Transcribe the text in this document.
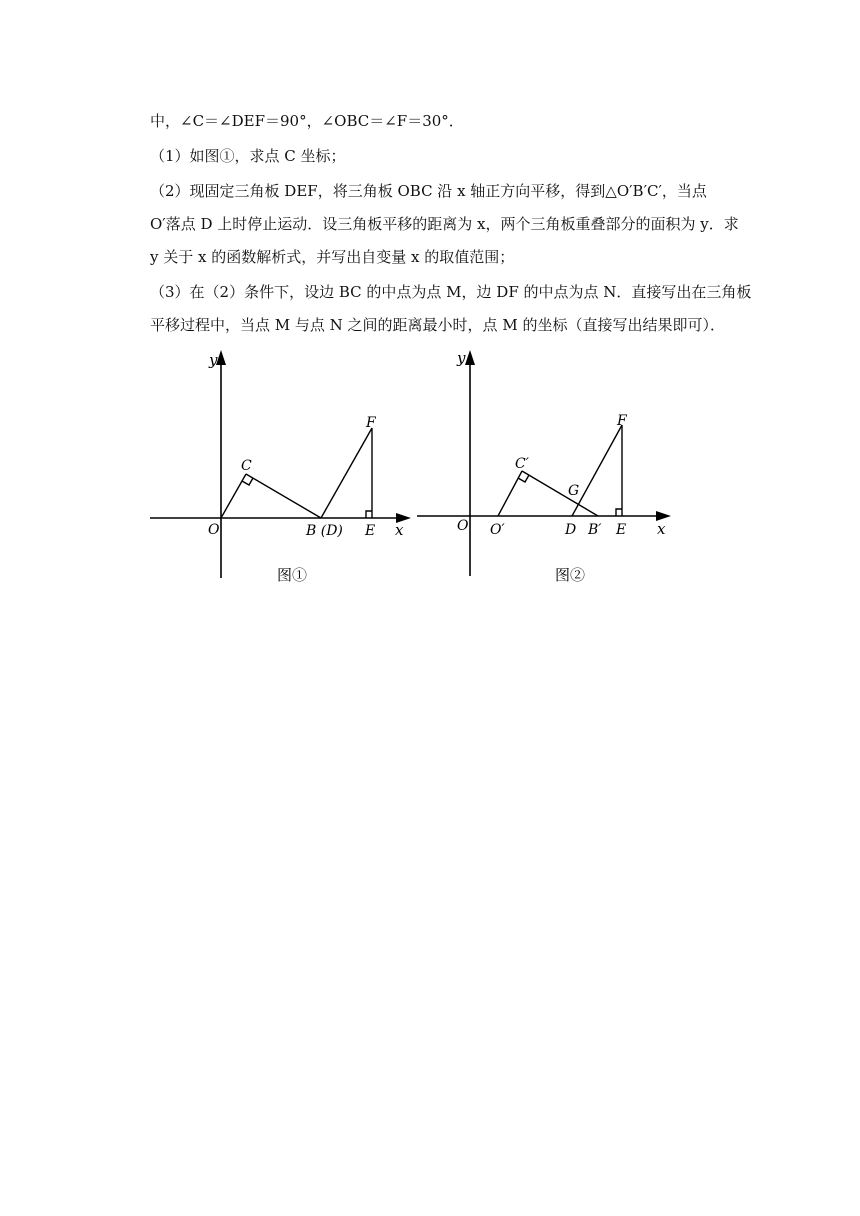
中，∠C＝∠DEF＝90°，∠OBC＝∠F＝30°．
（1）如图①，求点 C 坐标；
（2）现固定三角板 DEF，将三角板 OBC 沿 x 轴正方向平移，得到△O′B′C′，当点
O′落点 D 上时停止运动．设三角板平移的距离为 x，两个三角板重叠部分的面积为 y．求
y 关于 x 的函数解析式，并写出自变量 x 的取值范围；
（3）在（2）条件下，设边 BC 的中点为点 M，边 DF 的中点为点 N．直接写出在三角板
平移过程中，当点 M 与点 N 之间的距离最小时，点 M 的坐标（直接写出结果即可）．
y
C
F
O	B (D) E x
图①
y
C′
G
F
O O′	D B′ E x
图②
